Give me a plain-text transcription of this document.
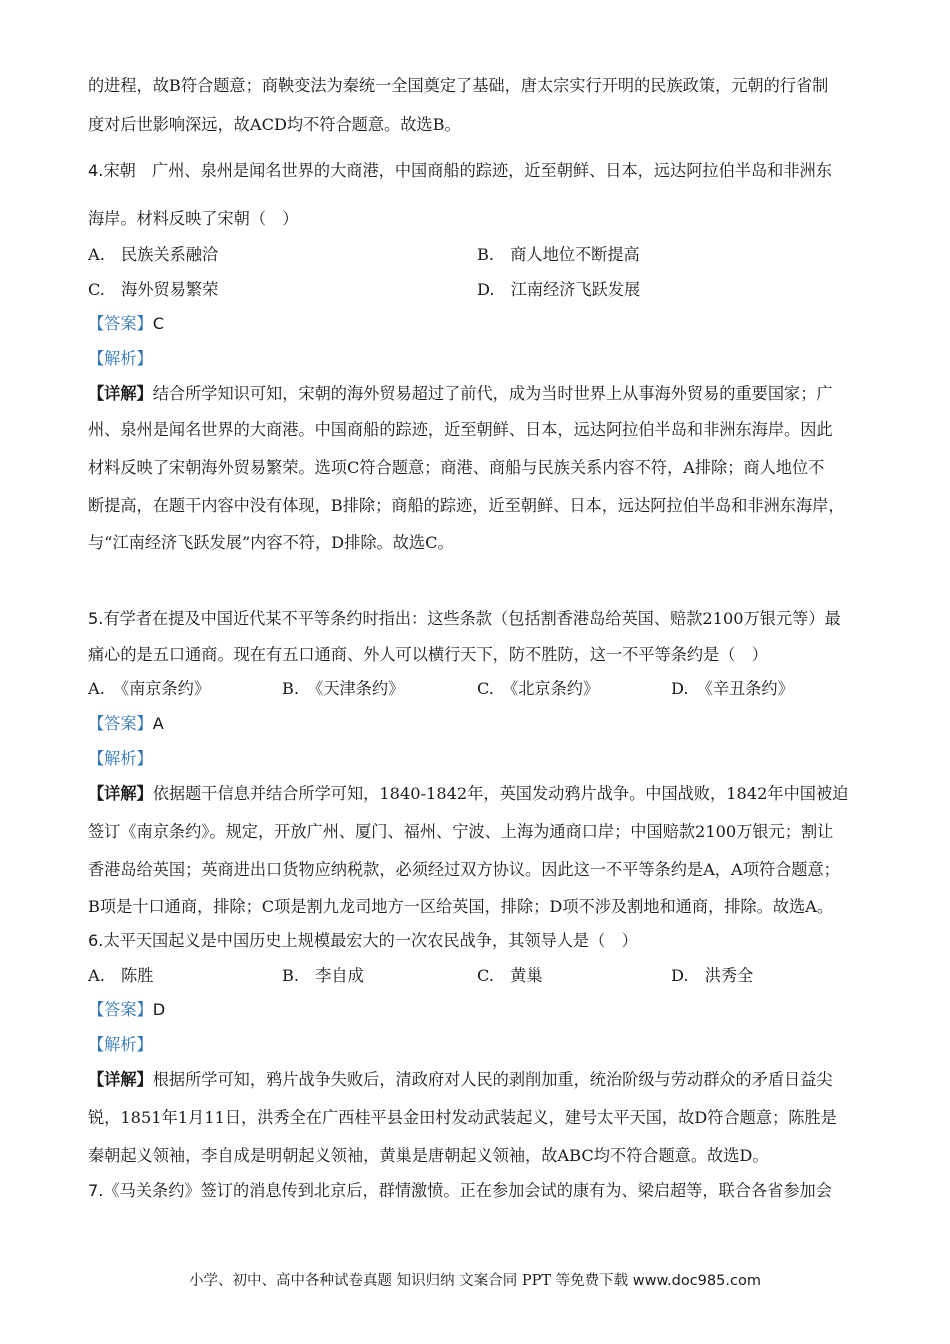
的进程，故B符合题意；商鞅变法为秦统一全国奠定了基础，唐太宗实行开明的民族政策，元朝的行省制
度对后世影响深远，故ACD均不符合题意。故选B。
4.宋朝　广州、泉州是闻名世界的大商港，中国商船的踪迹，近至朝鲜、日本，远达阿拉伯半岛和非洲东
海岸。材料反映了宋朝（　）
A.　民族关系融洽	B.　商人地位不断提高
C.　海外贸易繁荣	D.　江南经济飞跃发展
【答案】C
【解析】
【详解】结合所学知识可知，宋朝的海外贸易超过了前代，成为当时世界上从事海外贸易的重要国家；广
州、泉州是闻名世界的大商港。中国商船的踪迹，近至朝鲜、日本，远达阿拉伯半岛和非洲东海岸。因此
材料反映了宋朝海外贸易繁荣。选项C符合题意；商港、商船与民族关系内容不符，A排除；商人地位不
断提高，在题干内容中没有体现，B排除；商船的踪迹，近至朝鲜、日本，远达阿拉伯半岛和非洲东海岸，
与“江南经济飞跃发展”内容不符，D排除。故选C。
5.有学者在提及中国近代某不平等条约时指出：这些条款（包括割香港岛给英国、赔款2100万银元等）最
痛心的是五口通商。现在有五口通商、外人可以横行天下，防不胜防，这一不平等条约是（　）
A.　《南京条约》	B.　《天津条约》	C.　《北京条约》	D.　《辛丑条约》
【答案】A
【解析】
【详解】依据题干信息并结合所学可知，1840-1842年，英国发动鸦片战争。中国战败，1842年中国被迫
签订《南京条约》。规定，开放广州、厦门、福州、宁波、上海为通商口岸；中国赔款2100万银元；割让
香港岛给英国；英商进出口货物应纳税款，必须经过双方协议。因此这一不平等条约是A，A项符合题意；
B项是十口通商，排除；C项是割九龙司地方一区给英国，排除；D项不涉及割地和通商，排除。故选A。
6.太平天国起义是中国历史上规模最宏大的一次农民战争，其领导人是（　）
A.　陈胜	B.　李自成	C.　黄巢	D.　洪秀全
【答案】D
【解析】
【详解】根据所学可知，鸦片战争失败后，清政府对人民的剥削加重，统治阶级与劳动群众的矛盾日益尖
锐，1851年1月11日，洪秀全在广西桂平县金田村发动武装起义，建号太平天国，故D符合题意；陈胜是
秦朝起义领袖，李自成是明朝起义领袖，黄巢是唐朝起义领袖，故ABC均不符合题意。故选D。
7.《马关条约》签订的消息传到北京后，群情激愤。正在参加会试的康有为、梁启超等，联合各省参加会
小学、初中、高中各种试卷真题 知识归纳 文案合同 PPT 等免费下载 www.doc985.com
